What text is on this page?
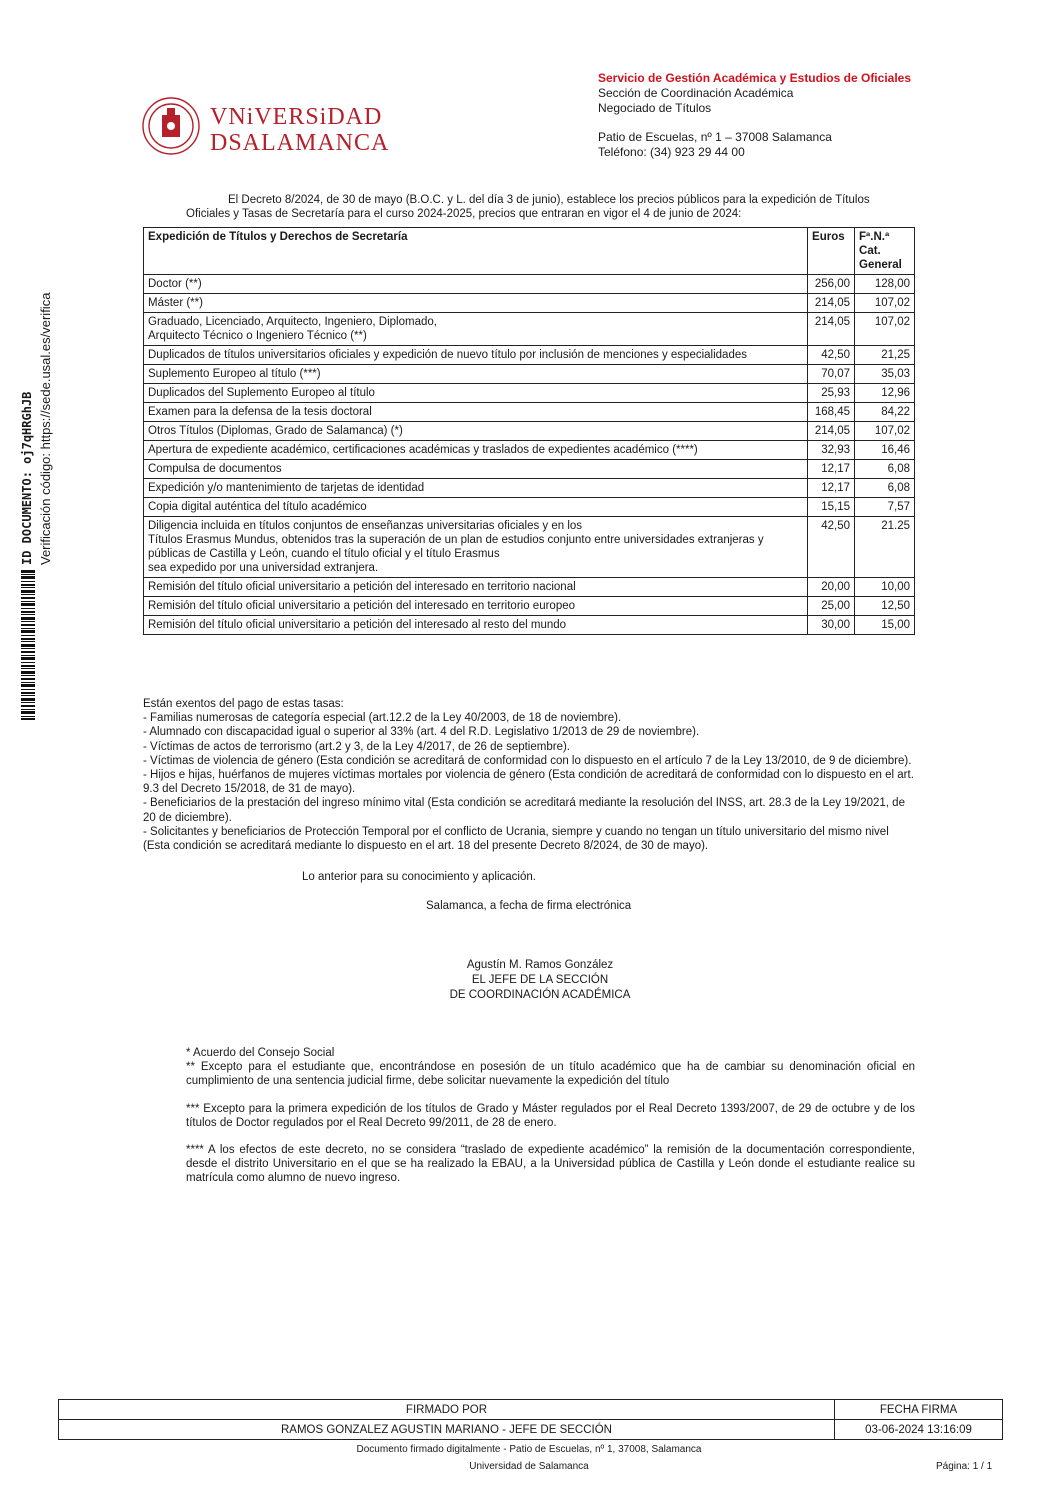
VNiVERSiDAD
DSALAMANCA
Servicio de Gestión Académica y Estudios de Oficiales
Sección de Coordinación Académica
Negociado de Títulos
Patio de Escuelas, nº 1 – 37008 Salamanca
Teléfono: (34) 923 29 44 00
ID DOCUMENTO: oj7qHRGhJB Verificación código: https://sede.usal.es/verifica
El Decreto 8/2024, de 30 de mayo (B.O.C. y L. del día 3 de junio), establece los precios públicos para la expedición de Títulos Oficiales y Tasas de Secretaría para el curso 2024-2025, precios que entraran en vigor el 4 de junio de 2024:
Expedición de Títulos y Derechos de Secretaría	Euros	Fª.N.ª Cat. General
Doctor (**)	256,00	128,00
Máster (**)	214,05	107,02
Graduado, Licenciado, Arquitecto, Ingeniero, Diplomado,
Arquitecto Técnico o Ingeniero Técnico (**)	214,05	107,02
Duplicados de títulos universitarios oficiales y expedición de nuevo título por inclusión de menciones y especialidades	42,50	21,25
Suplemento Europeo al título (***)	70,07	35,03
Duplicados del Suplemento Europeo al título	25,93	12,96
Examen para la defensa de la tesis doctoral	168,45	84,22
Otros Títulos (Diplomas, Grado de Salamanca) (*)	214,05	107,02
Apertura de expediente académico, certificaciones académicas y traslados de expedientes académico (****)	32,93	16,46
Compulsa de documentos	12,17	6,08
Expedición y/o mantenimiento de tarjetas de identidad	12,17	6,08
Copia digital auténtica del título académico	15,15	7,57
Diligencia incluida en títulos conjuntos de enseñanzas universitarias oficiales y en los
Títulos Erasmus Mundus, obtenidos tras la superación de un plan de estudios conjunto entre universidades extranjeras y públicas de Castilla y León, cuando el título oficial y el título Erasmus
sea expedido por una universidad extranjera.	42,50	21.25
Remisión del título oficial universitario a petición del interesado en territorio nacional	20,00	10,00
Remisión del título oficial universitario a petición del interesado en territorio europeo	25,00	12,50
Remisión del título oficial universitario a petición del interesado al resto del mundo	30,00	15,00
Están exentos del pago de estas tasas:
- Familias numerosas de categoría especial (art.12.2 de la Ley 40/2003, de 18 de noviembre).
- Alumnado con discapacidad igual o superior al 33% (art. 4 del R.D. Legislativo 1/2013 de 29 de noviembre).
- Víctimas de actos de terrorismo (art.2 y 3, de la Ley 4/2017, de 26 de septiembre).
- Víctimas de violencia de género (Esta condición se acreditará de conformidad con lo dispuesto en el artículo 7 de la Ley 13/2010, de 9 de diciembre).
- Hijos e hijas, huérfanos de mujeres víctimas mortales por violencia de género (Esta condición de acreditará de conformidad con lo dispuesto en el art. 9.3 del Decreto 15/2018, de 31 de mayo).
- Beneficiarios de la prestación del ingreso mínimo vital (Esta condición se acreditará mediante la resolución del INSS, art. 28.3 de la Ley 19/2021, de 20 de diciembre).
- Solicitantes y beneficiarios de Protección Temporal por el conflicto de Ucrania, siempre y cuando no tengan un título universitario del mismo nivel (Esta condición se acreditará mediante lo dispuesto en el art. 18 del presente Decreto 8/2024, de 30 de mayo).
Lo anterior para su conocimiento y aplicación.
Salamanca, a fecha de firma electrónica
Agustín M. Ramos González
EL JEFE DE LA SECCIÓN
DE COORDINACIÓN ACADÉMICA

* Acuerdo del Consejo Social

** Excepto para el estudiante que, encontrándose en posesión de un título académico que ha de cambiar su denominación oficial en cumplimiento de una sentencia judicial firme, debe solicitar nuevamente la expedición del título

*** Excepto para la primera expedición de los títulos de Grado y Máster regulados por el Real Decreto 1393/2007, de 29 de octubre y de los títulos de Doctor regulados por el Real Decreto 99/2011, de 28 de enero.

**** A los efectos de este decreto, no se considera “traslado de expediente académico” la remisión de la documentación correspondiente, desde el distrito Universitario en el que se ha realizado la EBAU, a la Universidad pública de Castilla y León donde el estudiante realice su matrícula como alumno de nuevo ingreso.

FIRMADO POR	FECHA FIRMA
RAMOS GONZALEZ AGUSTIN MARIANO - JEFE DE SECCIÓN	03-06-2024 13:16:09
Documento firmado digitalmente - Patio de Escuelas, nº 1, 37008, Salamanca
Universidad de Salamanca	Página: 1 / 1
